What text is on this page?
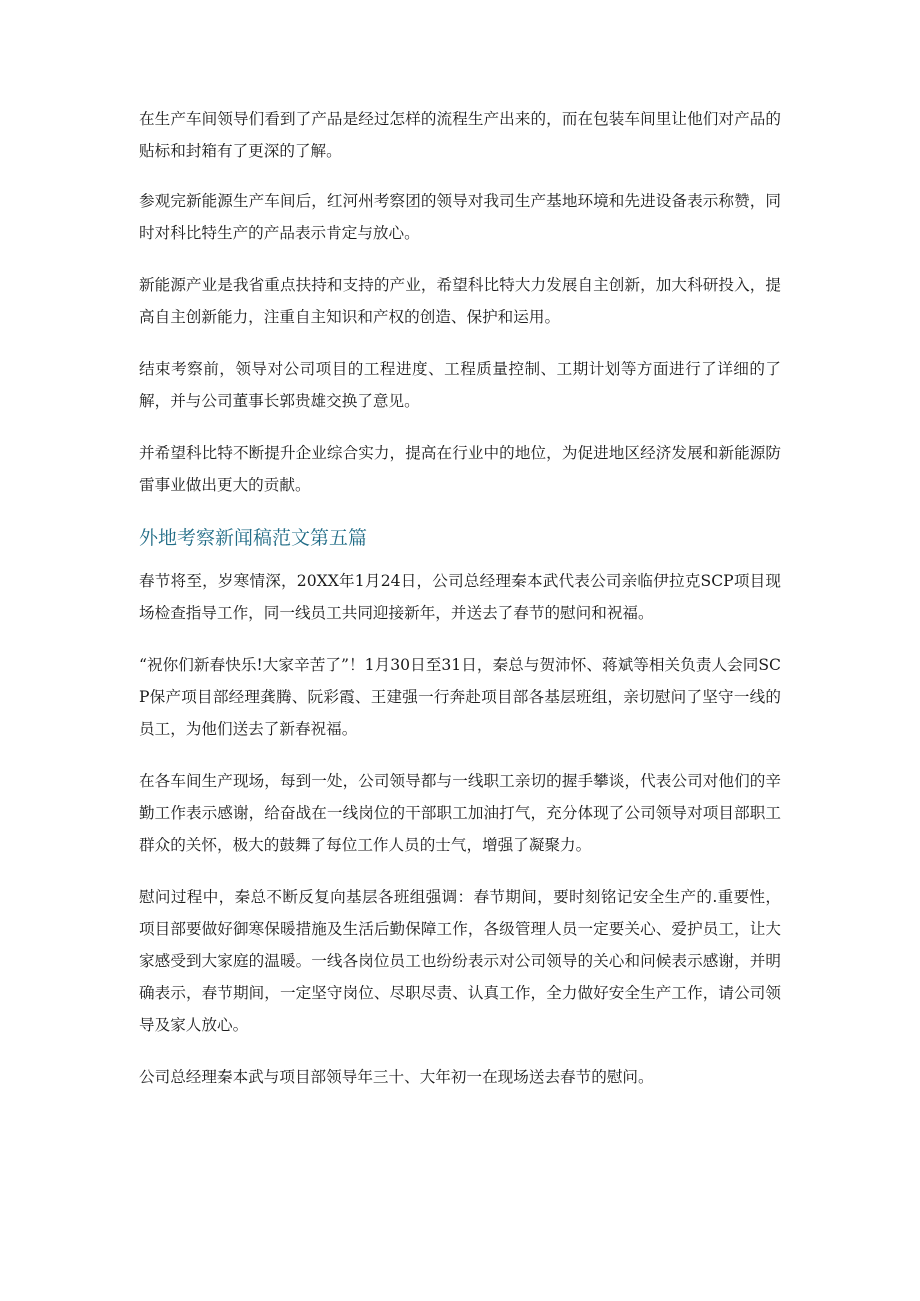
在生产车间领导们看到了产品是经过怎样的流程生产出来的，而在包装车间里让他们对产品的贴标和封箱有了更深的了解。

参观完新能源生产车间后，红河州考察团的领导对我司生产基地环境和先进设备表示称赞，同时对科比特生产的产品表示肯定与放心。

新能源产业是我省重点扶持和支持的产业，希望科比特大力发展自主创新，加大科研投入，提高自主创新能力，注重自主知识和产权的创造、保护和运用。

结束考察前，领导对公司项目的工程进度、工程质量控制、工期计划等方面进行了详细的了解，并与公司董事长郭贵雄交换了意见。

并希望科比特不断提升企业综合实力，提高在行业中的地位，为促进地区经济发展和新能源防雷事业做出更大的贡献。

外地考察新闻稿范文第五篇

春节将至，岁寒情深，20XX年1月24日，公司总经理秦本武代表公司亲临伊拉克SCP项目现场检查指导工作，同一线员工共同迎接新年，并送去了春节的慰问和祝福。

“祝你们新春快乐!大家辛苦了”！1月30日至31日，秦总与贺沛怀、蒋斌等相关负责人会同SCP保产项目部经理龚腾、阮彩霞、王建强一行奔赴项目部各基层班组，亲切慰问了坚守一线的员工，为他们送去了新春祝福。

在各车间生产现场，每到一处，公司领导都与一线职工亲切的握手攀谈，代表公司对他们的辛勤工作表示感谢，给奋战在一线岗位的干部职工加油打气，充分体现了公司领导对项目部职工群众的关怀，极大的鼓舞了每位工作人员的士气，增强了凝聚力。

慰问过程中，秦总不断反复向基层各班组强调：春节期间，要时刻铭记安全生产的.重要性，项目部要做好御寒保暖措施及生活后勤保障工作，各级管理人员一定要关心、爱护员工，让大家感受到大家庭的温暖。一线各岗位员工也纷纷表示对公司领导的关心和问候表示感谢，并明确表示，春节期间，一定坚守岗位、尽职尽责、认真工作，全力做好安全生产工作，请公司领导及家人放心。

公司总经理秦本武与项目部领导年三十、大年初一在现场送去春节的慰问。
